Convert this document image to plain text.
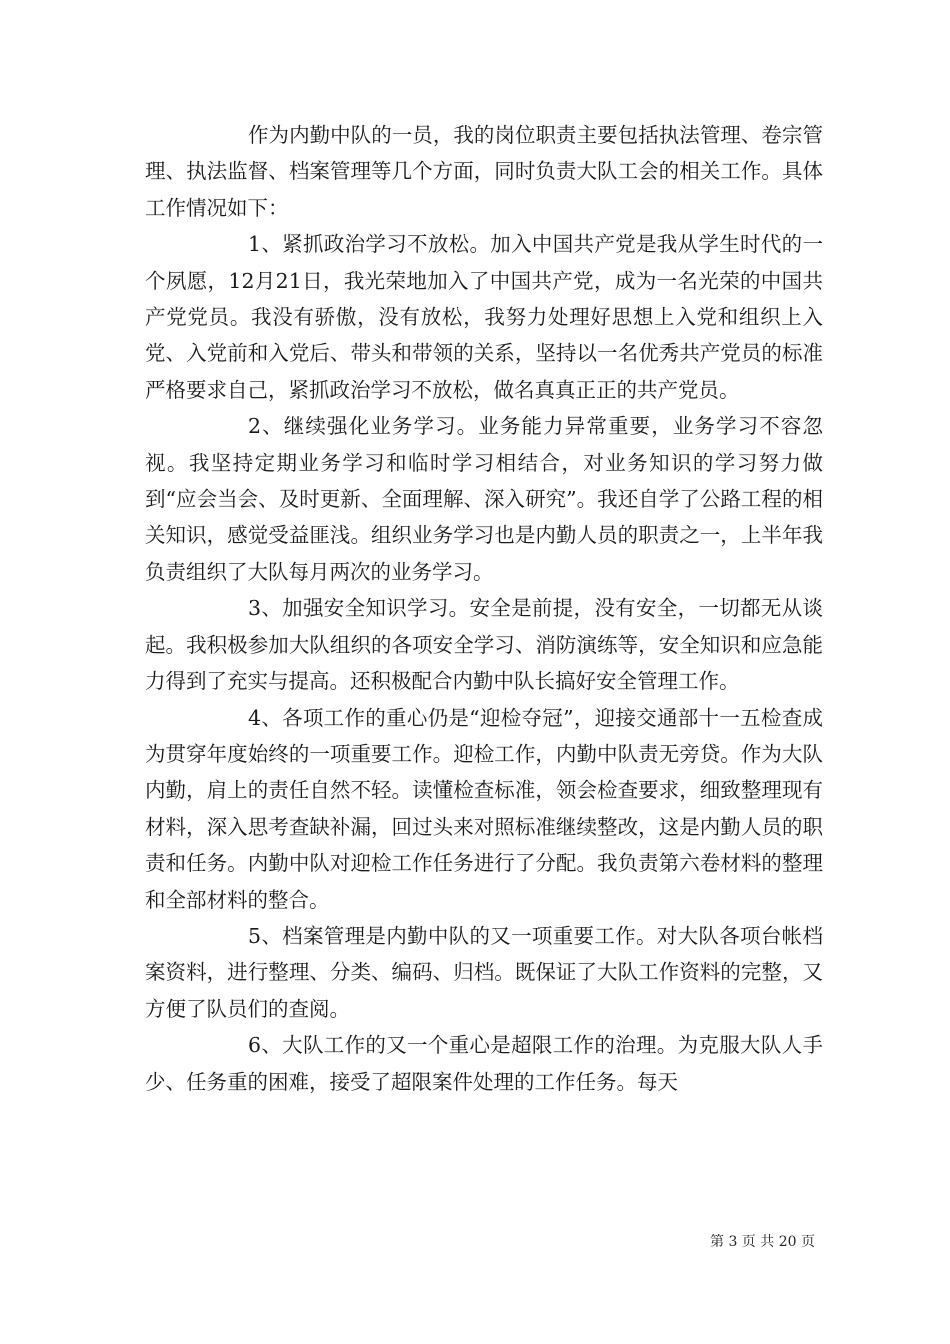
作为内勤中队的一员，我的岗位职责主要包括执法管理、卷宗管理、执法监督、档案管理等几个方面，同时负责大队工会的相关工作。具体工作情况如下：

1、紧抓政治学习不放松。加入中国共产党是我从学生时代的一个夙愿，12月21日，我光荣地加入了中国共产党，成为一名光荣的中国共产党党员。我没有骄傲，没有放松，我努力处理好思想上入党和组织上入党、入党前和入党后、带头和带领的关系，坚持以一名优秀共产党员的标准严格要求自己，紧抓政治学习不放松，做名真真正正的共产党员。

2、继续强化业务学习。业务能力异常重要，业务学习不容忽视。我坚持定期业务学习和临时学习相结合，对业务知识的学习努力做到“应会当会、及时更新、全面理解、深入研究”。我还自学了公路工程的相关知识，感觉受益匪浅。组织业务学习也是内勤人员的职责之一，上半年我负责组织了大队每月两次的业务学习。

3、加强安全知识学习。安全是前提，没有安全，一切都无从谈起。我积极参加大队组织的各项安全学习、消防演练等，安全知识和应急能力得到了充实与提高。还积极配合内勤中队长搞好安全管理工作。

4、各项工作的重心仍是“迎检夺冠”，迎接交通部十一五检查成为贯穿年度始终的一项重要工作。迎检工作，内勤中队责无旁贷。作为大队内勤，肩上的责任自然不轻。读懂检查标准，领会检查要求，细致整理现有材料，深入思考查缺补漏，回过头来对照标准继续整改，这是内勤人员的职责和任务。内勤中队对迎检工作任务进行了分配。我负责第六卷材料的整理和全部材料的整合。

5、档案管理是内勤中队的又一项重要工作。对大队各项台帐档案资料，进行整理、分类、编码、归档。既保证了大队工作资料的完整，又方便了队员们的查阅。

6、大队工作的又一个重心是超限工作的治理。为克服大队人手少、任务重的困难，接受了超限案件处理的工作任务。每天

第 3 页 共 20 页
